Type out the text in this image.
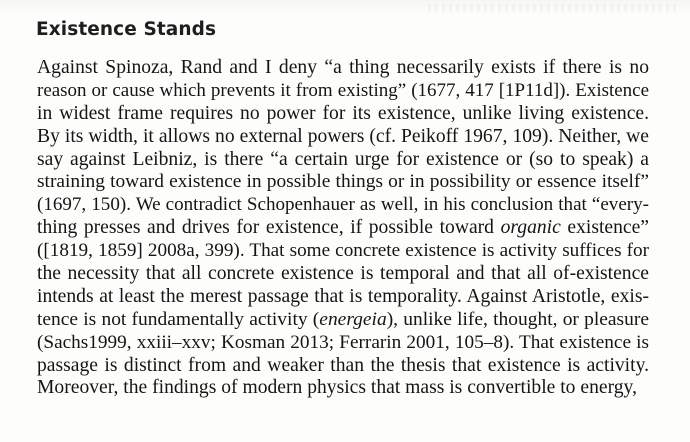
Existence Stands
Against Spinoza, Rand and I deny “a thing necessarily exists if there is no
reason or cause which prevents it from existing” (1677, 417 [1P11d]). Existence
in widest frame requires no power for its existence, unlike living existence.
By its width, it allows no external powers (cf. Peikoff 1967, 109). Neither, we
say against Leibniz, is there “a certain urge for existence or (so to speak) a
straining toward existence in possible things or in possibility or essence itself”
(1697, 150). We contradict Schopenhauer as well, in his conclusion that “every-
thing presses and drives for existence, if possible toward organic existence”
([1819, 1859] 2008a, 399). That some concrete existence is activity suffices for
the necessity that all concrete existence is temporal and that all of-existence
intends at least the merest passage that is temporality. Against Aristotle, exis-
tence is not fundamentally activity (energeia), unlike life, thought, or pleasure
(Sachs1999, xxiii–xxv; Kosman 2013; Ferrarin 2001, 105–8). That existence is
passage is distinct from and weaker than the thesis that existence is activity.
Moreover, the findings of modern physics that mass is convertible to energy,
